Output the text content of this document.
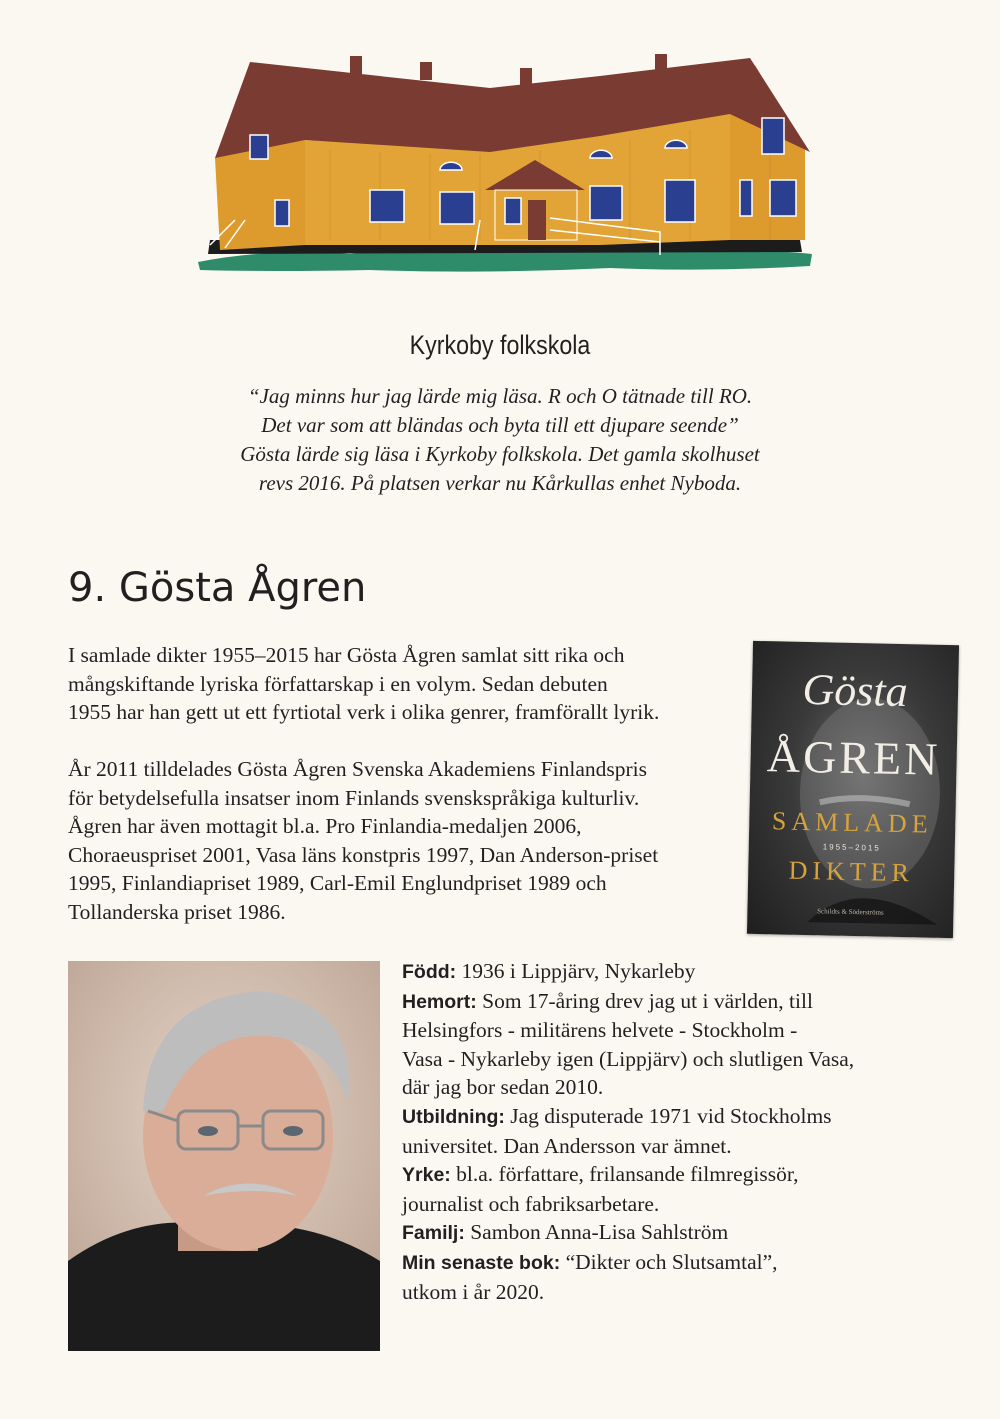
Kyrkoby folkskola
“Jag minns hur jag lärde mig läsa. R och O tätnade till RO.
Det var som att bländas och byta till ett djupare seende”
Gösta lärde sig läsa i Kyrkoby folkskola. Det gamla skolhuset
revs 2016. På platsen verkar nu Kårkullas enhet Nyboda.
9. Gösta Ågren
I samlade dikter 1955–2015 har Gösta Ågren samlat sitt rika och
mångskiftande lyriska författarskap i en volym. Sedan debuten
1955 har han gett ut ett fyrtiotal verk i olika genrer, framförallt lyrik.
År 2011 tilldelades Gösta Ågren Svenska Akademiens Finlandspris
för betydelsefulla insatser inom Finlands svenskspråkiga kulturliv.
Ågren har även mottagit bl.a. Pro Finlandia-medaljen 2006,
Choraeuspriset 2001, Vasa läns konstpris 1997, Dan Anderson-priset
1995, Finlandiapriset 1989, Carl-Emil Englundpriset 1989 och
Tollanderska priset 1986.
Gösta
ÅGREN
SAMLADE
1955–2015
DIKTER
Schildts & Söderströms
Född: 1936 i Lippjärv, Nykarleby
Hemort: Som 17-åring drev jag ut i världen, till
Helsingfors - militärens helvete - Stockholm -
Vasa - Nykarleby igen (Lippjärv) och slutligen Vasa,
där jag bor sedan 2010.
Utbildning: Jag disputerade 1971 vid Stockholms
universitet. Dan Andersson var ämnet.
Yrke: bl.a. författare, frilansande filmregissör,
journalist och fabriksarbetare.
Familj: Sambon Anna-Lisa Sahlström
Min senaste bok: “Dikter och Slutsamtal”,
utkom i år 2020.
